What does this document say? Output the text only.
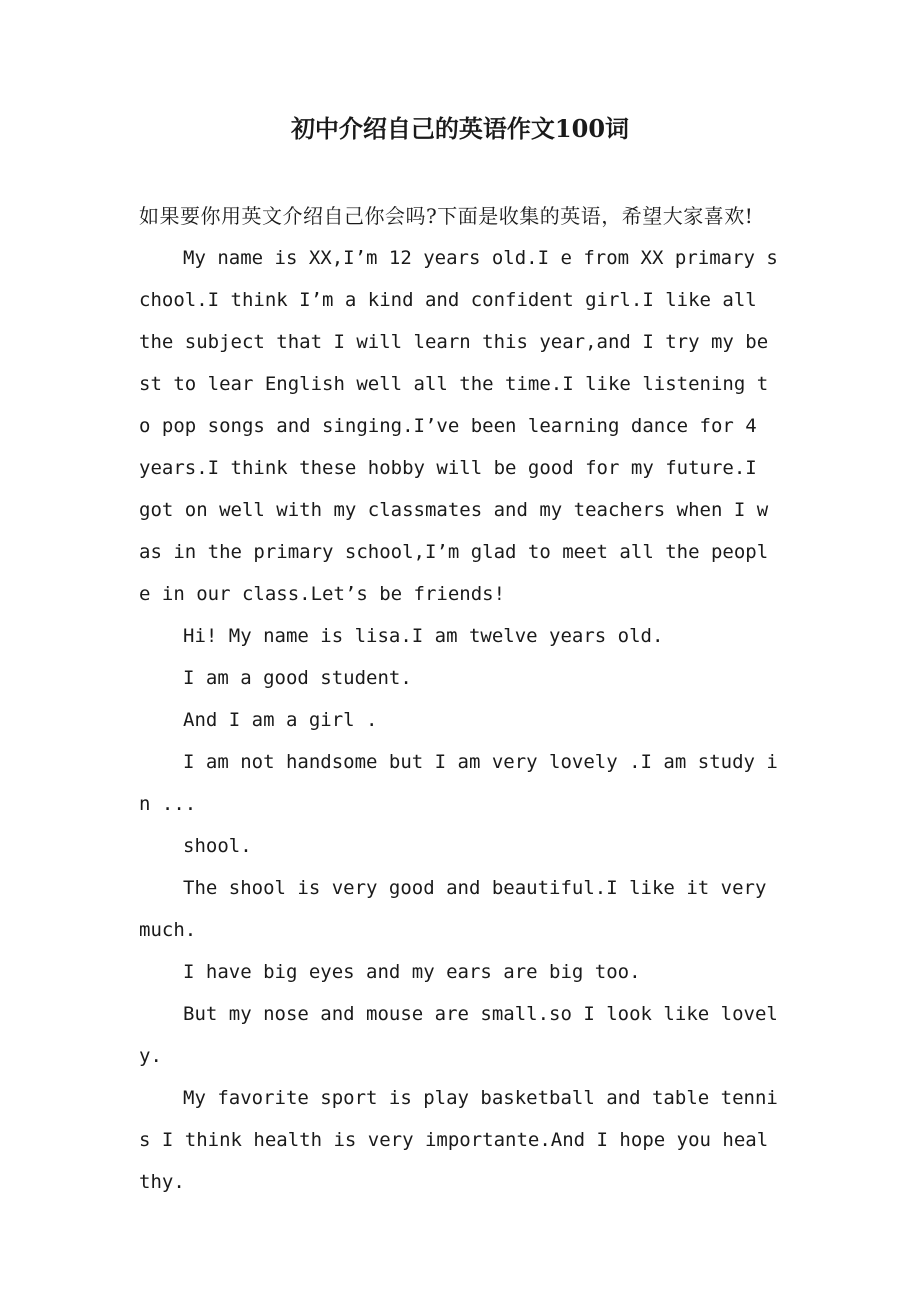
初中介绍自己的英语作文100词

如果要你用英文介绍自己你会吗?下面是收集的英语，希望大家喜欢!

My name is XX,I’m 12 years old.I e from XX primary school.I think I’m a kind and confident girl.I like all the subject that I will learn this year,and I try my best to lear English well all the time.I like listening to pop songs and singing.I’ve been learning dance for 4 years.I think these hobby will be good for my future.I got on well with my classmates and my teachers when I was in the primary school,I’m glad to meet all the people in our class.Let’s be friends!

Hi! My name is lisa.I am twelve years old.

I am a good student.

And I am a girl .

I am not handsome but I am very lovely .I am study in ...

shool.

The shool is very good and beautiful.I like it very much.

I have big eyes and my ears are big too.

But my nose and mouse are small.so I look like lovely.

My favorite sport is play basketball and table tennis I think health is very importante.And I hope you healthy.
